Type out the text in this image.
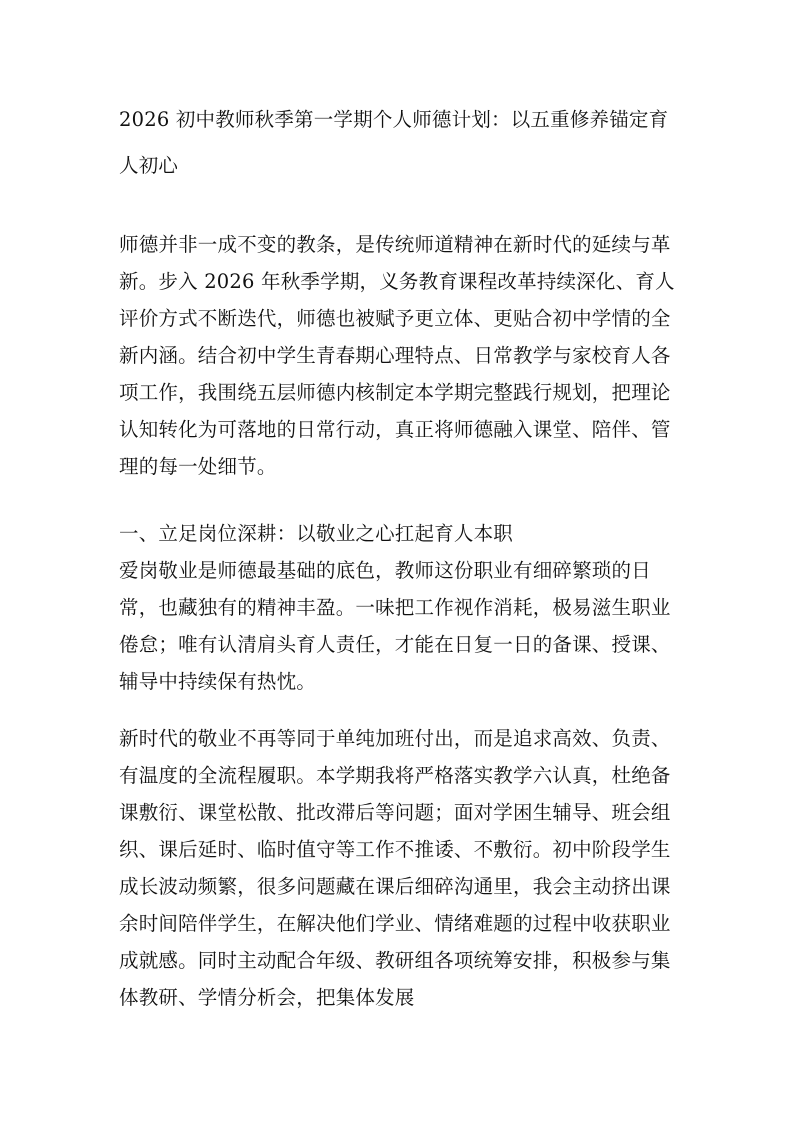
2026 初中教师秋季第一学期个人师德计划：以五重修养锚定育人初心

师德并非一成不变的教条，是传统师道精神在新时代的延续与革新。步入 2026 年秋季学期，义务教育课程改革持续深化、育人评价方式不断迭代，师德也被赋予更立体、更贴合初中学情的全新内涵。结合初中学生青春期心理特点、日常教学与家校育人各项工作，我围绕五层师德内核制定本学期完整践行规划，把理论认知转化为可落地的日常行动，真正将师德融入课堂、陪伴、管理的每一处细节。

一、立足岗位深耕：以敬业之心扛起育人本职

爱岗敬业是师德最基础的底色，教师这份职业有细碎繁琐的日常，也藏独有的精神丰盈。一味把工作视作消耗，极易滋生职业倦怠；唯有认清肩头育人责任，才能在日复一日的备课、授课、辅导中持续保有热忱。

新时代的敬业不再等同于单纯加班付出，而是追求高效、负责、有温度的全流程履职。本学期我将严格落实教学六认真，杜绝备课敷衍、课堂松散、批改滞后等问题；面对学困生辅导、班会组织、课后延时、临时值守等工作不推诿、不敷衍。初中阶段学生成长波动频繁，很多问题藏在课后细碎沟通里，我会主动挤出课余时间陪伴学生，在解决他们学业、情绪难题的过程中收获职业成就感。同时主动配合年级、教研组各项统筹安排，积极参与集体教研、学情分析会，把集体发展
